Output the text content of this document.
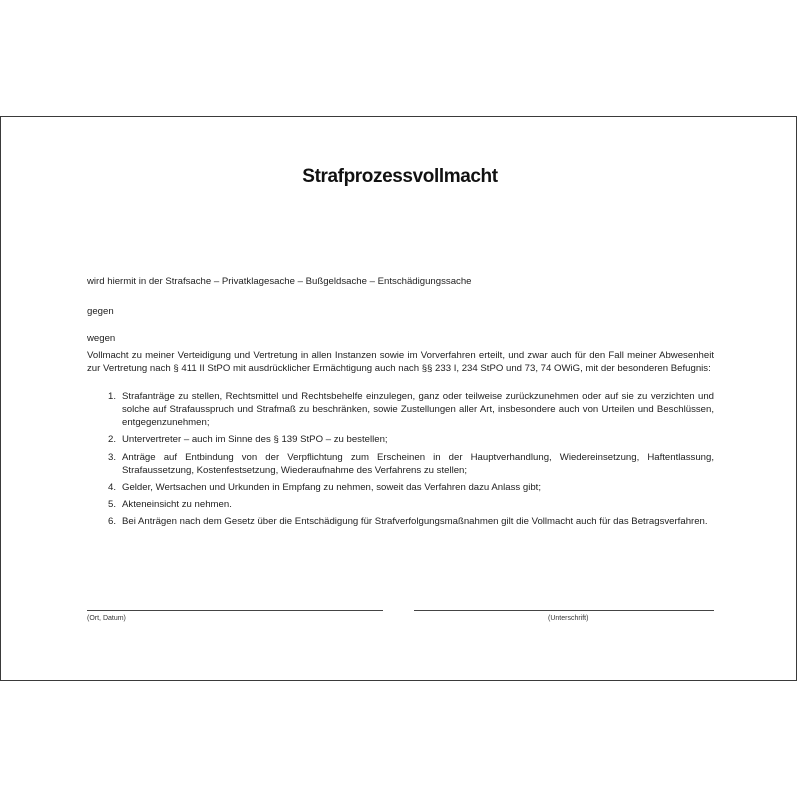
Strafprozessvollmacht
wird hiermit in der Strafsache – Privatklagesache – Bußgeldsache – Entschädigungssache
gegen
wegen
Vollmacht zu meiner Verteidigung und Vertretung in allen Instanzen sowie im Vorverfahren erteilt, und zwar auch für den Fall meiner Abwesenheit zur Vertretung nach § 411 II StPO mit ausdrücklicher Ermächtigung auch nach §§ 233 I, 234 StPO und 73, 74 OWiG, mit der besonderen Befugnis:
1. Strafanträge zu stellen, Rechtsmittel und Rechtsbehelfe einzulegen, ganz oder teilweise zurückzunehmen oder auf sie zu verzichten und solche auf Strafausspruch und Strafmaß zu beschränken, sowie Zustellungen aller Art, insbesondere auch von Urteilen und Beschlüssen, entgegenzunehmen;
2. Untervertreter – auch im Sinne des § 139 StPO – zu bestellen;
3. Anträge auf Entbindung von der Verpflichtung zum Erscheinen in der Hauptverhandlung, Wiedereinsetzung, Haftentlassung, Strafaussetzung, Kostenfestsetzung, Wiederaufnahme des Verfahrens zu stellen;
4. Gelder, Wertsachen und Urkunden in Empfang zu nehmen, soweit das Verfahren dazu Anlass gibt;
5. Akteneinsicht zu nehmen.
6. Bei Anträgen nach dem Gesetz über die Entschädigung für Strafverfolgungsmaßnahmen gilt die Vollmacht auch für das Betragsverfahren.
(Ort, Datum)	(Unterschrift)
